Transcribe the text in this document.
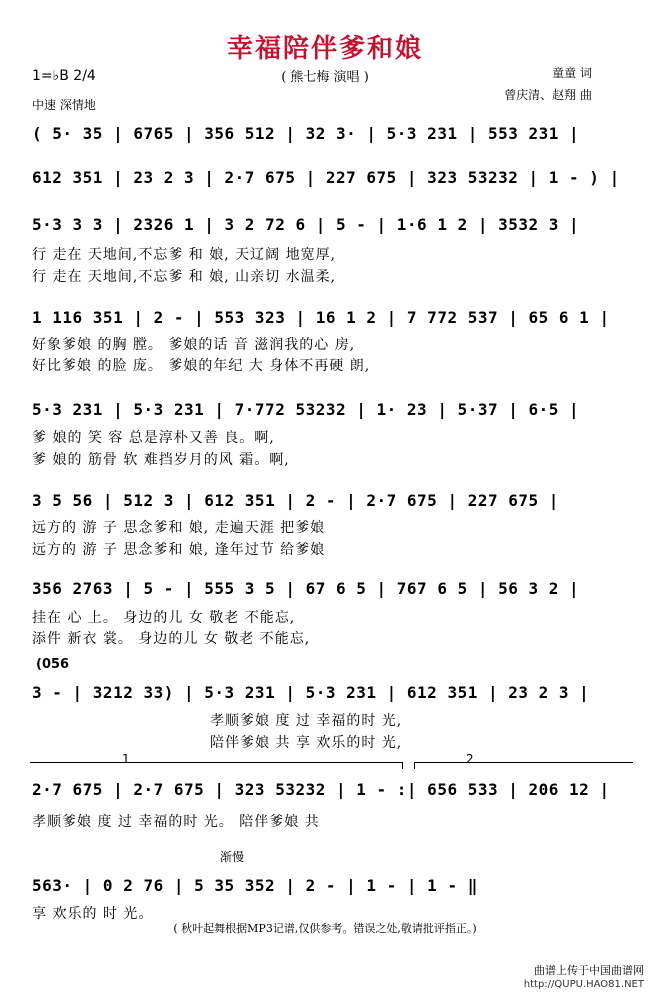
幸福陪伴爹和娘
( 熊七梅 演唱 )
1=♭B 2/4
中速 深情地
童童 词
曾庆清、赵翔 曲
( 5· 35 | 6765 | 356 512 | 32 3· | 5·3 231 | 553 231 |
612 351 | 23 2 3 | 2·7 675 | 227 675 | 323 53232 | 1 - ) |
5·3 3 3 | 2326 1 | 3 2 72 6 | 5 - | 1·6 1 2 | 3532 3 |
行 走在 天地间,不忘爹 和 娘, 天辽阔 地宽厚,
行 走在 天地间,不忘爹 和 娘, 山亲切 水温柔,
1 116 351 | 2 - | 553 323 | 16 1 2 | 7 772 537 | 65 6 1 |
好象爹娘 的胸 膛。 爹娘的话 音 滋润我的心 房,
好比爹娘 的脸 庞。 爹娘的年纪 大 身体不再硬 朗,
5·3 231 | 5·3 231 | 7·772 53232 | 1· 23 | 5·37 | 6·5 |
爹 娘的 笑 容 总是淳朴又善 良。啊,
爹 娘的 筋骨 软 难挡岁月的风 霜。啊,
3 5 56 | 512 3 | 612 351 | 2 - | 2·7 675 | 227 675 |
远方的 游 子 思念爹和 娘, 走遍天涯 把爹娘
远方的 游 子 思念爹和 娘, 逢年过节 给爹娘
356 2763 | 5 - | 555 3 5 | 67 6 5 | 767 6 5 | 56 3 2 |
挂在 心 上。 身边的儿 女 敬老 不能忘,
添件 新衣 裳。 身边的儿 女 敬老 不能忘,
(056
3 - | 3212 33) | 5·3 231 | 5·3 231 | 612 351 | 23 2 3 |
孝顺爹娘 度 过 幸福的时 光,
陪伴爹娘 共 享 欢乐的时 光,
1	2
2·7 675 | 2·7 675 | 323 53232 | 1 - :| 656 533 | 206 12 |
孝顺爹娘 度 过 幸福的时 光。 陪伴爹娘 共
渐慢
563· | 0 2 76 | 5 35 352 | 2 - | 1 - | 1 - ‖
享 欢乐的 时 光。
( 秋叶起舞根据MP3记谱,仅供参考。错误之处,敬请批评指正。)
曲谱上传于中国曲谱网
http://QUPU.HAO81.NET
